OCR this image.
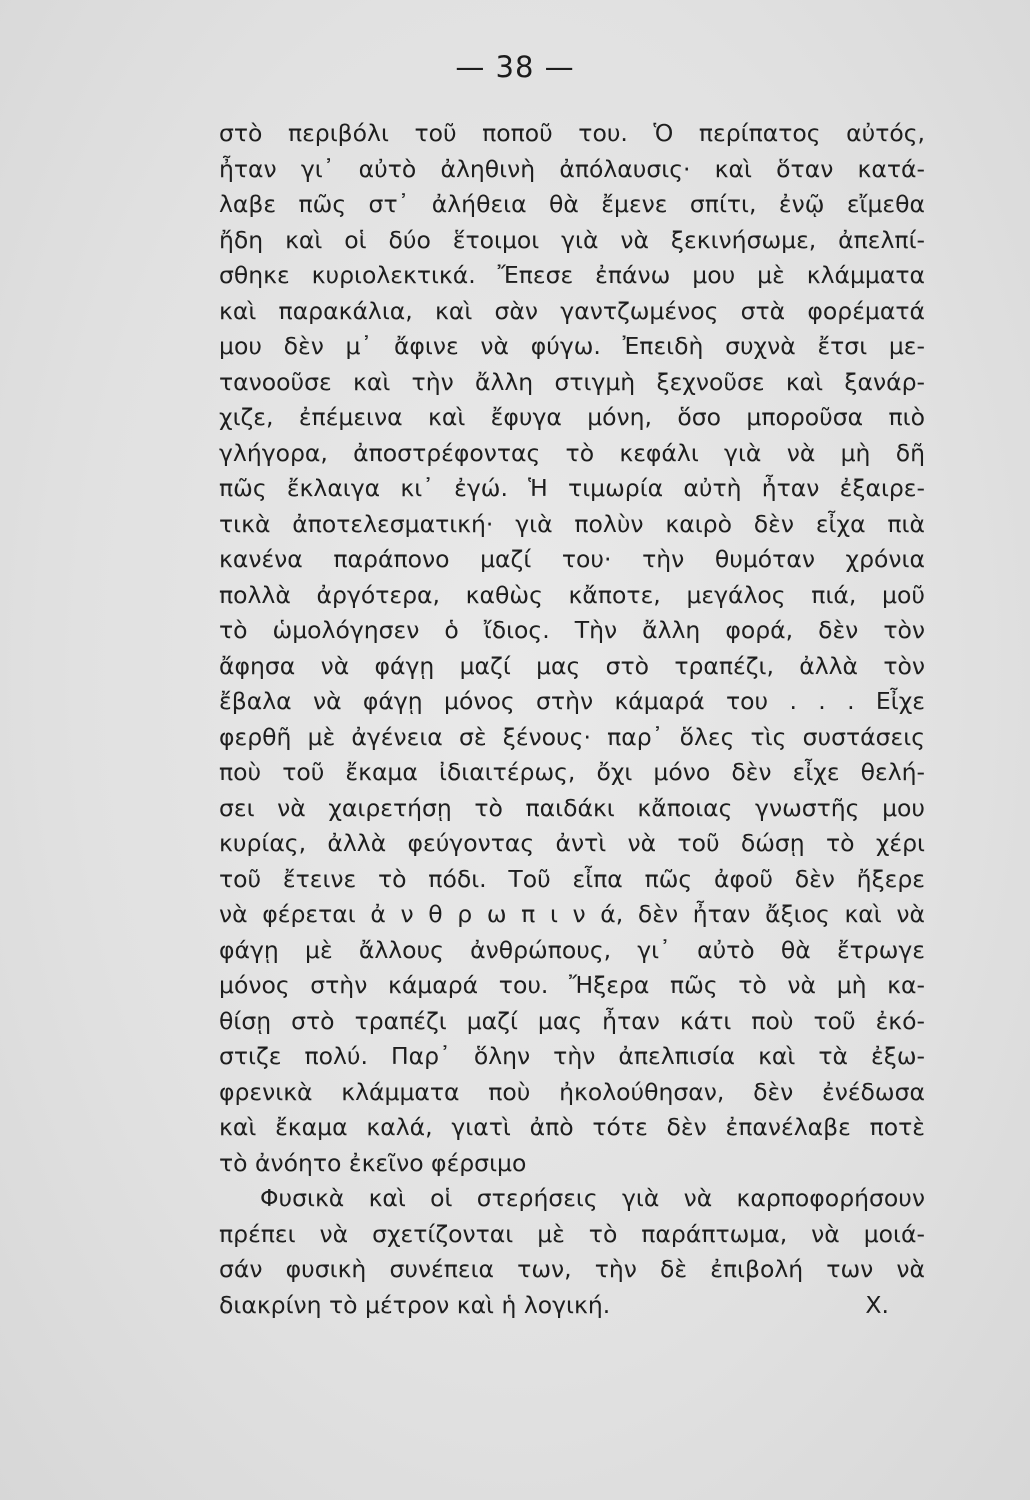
— 38 —
στὸ περιβόλι τοῦ ποποῦ του. Ὁ περίπατος αὐτός,
ἦταν γι᾿ αὐτὸ ἀληθινὴ ἀπόλαυσις· καὶ ὅταν κατά-
λαβε πῶς στ᾿ ἀλήθεια θὰ ἔμενε σπίτι, ἐνῷ εἴμεθα
ἤδη καὶ οἱ δύο ἕτοιμοι γιὰ νὰ ξεκινήσωμε, ἀπελπί-
σθηκε κυριολεκτικά. Ἔπεσε ἐπάνω μου μὲ κλάμματα
καὶ παρακάλια, καὶ σὰν γαντζωμένος στὰ φορέματά
μου δὲν μ᾿ ἄφινε νὰ φύγω. Ἐπειδὴ συχνὰ ἔτσι με-
τανοοῦσε καὶ τὴν ἄλλη στιγμὴ ξεχνοῦσε καὶ ξανάρ-
χιζε, ἐπέμεινα καὶ ἔφυγα μόνη, ὅσο μποροῦσα πιὸ
γλήγορα, ἀποστρέφοντας τὸ κεφάλι γιὰ νὰ μὴ δῆ
πῶς ἔκλαιγα κι᾿ ἐγώ. Ἡ τιμωρία αὐτὴ ἦταν ἐξαιρε-
τικὰ ἀποτελεσματική· γιὰ πολὺν καιρὸ δὲν εἶχα πιὰ
κανένα παράπονο μαζί του· τὴν θυμόταν χρόνια
πολλὰ ἀργότερα, καθὼς κἄποτε, μεγάλος πιά, μοῦ
τὸ ὡμολόγησεν ὁ ἴδιος. Τὴν ἄλλη φορά, δὲν τὸν
ἄφησα νὰ φάγῃ μαζί μας στὸ τραπέζι, ἀλλὰ τὸν
ἔβαλα νὰ φάγῃ μόνος στὴν κάμαρά του . . . Εἶχε
φερθῆ μὲ ἀγένεια σὲ ξένους· παρ᾿ ὅλες τὶς συστάσεις
ποὺ τοῦ ἔκαμα ἰδιαιτέρως, ὄχι μόνο δὲν εἶχε θελή-
σει νὰ χαιρετήσῃ τὸ παιδάκι κἄποιας γνωστῆς μου
κυρίας, ἀλλὰ φεύγοντας ἀντὶ νὰ τοῦ δώσῃ τὸ χέρι
τοῦ ἔτεινε τὸ πόδι. Τοῦ εἶπα πῶς ἀφοῦ δὲν ἤξερε
νὰ φέρεται ἀ ν θ ρ ω π ι ν ά, δὲν ἦταν ἄξιος καὶ νὰ
φάγῃ μὲ ἄλλους ἀνθρώπους, γι᾿ αὐτὸ θὰ ἔτρωγε
μόνος στὴν κάμαρά του. Ἤξερα πῶς τὸ νὰ μὴ κα-
θίσῃ στὸ τραπέζι μαζί μας ἦταν κάτι ποὺ τοῦ ἐκό-
στιζε πολύ. Παρ᾿ ὅλην τὴν ἀπελπισία καὶ τὰ ἐξω-
φρενικὰ κλάμματα ποὺ ἠκολούθησαν, δὲν ἐνέδωσα
καὶ ἔκαμα καλά, γιατὶ ἀπὸ τότε δὲν ἐπανέλαβε ποτὲ
τὸ ἀνόητο ἐκεῖνο φέρσιμο
Φυσικὰ καὶ οἱ στερήσεις γιὰ νὰ καρποφορήσουν
πρέπει νὰ σχετίζονται μὲ τὸ παράπτωμα, νὰ μοιά-
σάν φυσικὴ συνέπεια των, τὴν δὲ ἐπιβολή των νὰ
διακρίνη τὸ μέτρον καὶ ἡ λογική.	Χ.
